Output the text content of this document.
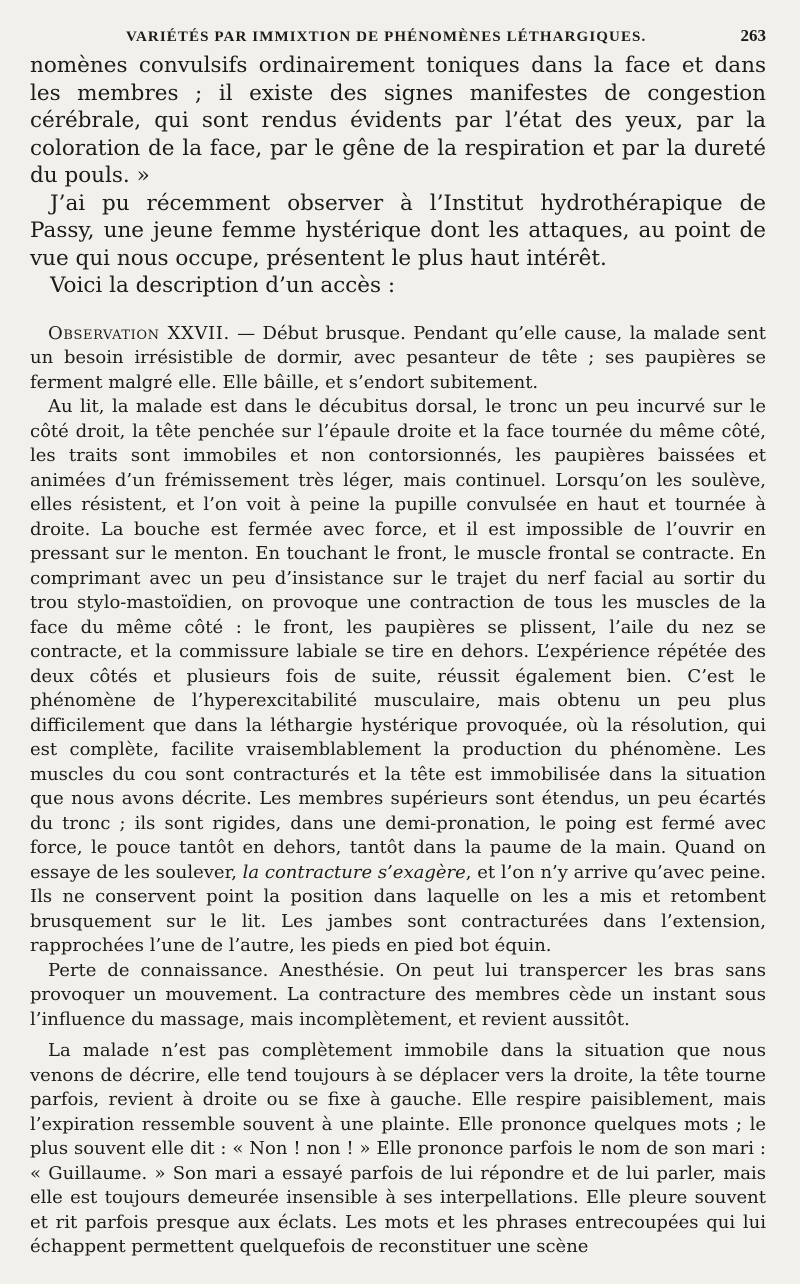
VARIÉTÉS PAR IMMIXTION DE PHÉNOMÈNES LÉTHARGIQUES.	263

nomènes convulsifs ordinairement toniques dans la face et dans les membres ; il existe des signes manifestes de congestion cérébrale, qui sont rendus évidents par l’état des yeux, par la coloration de la face, par le gêne de la respiration et par la dureté du pouls. »

J’ai pu récemment observer à l’Institut hydrothérapique de Passy, une jeune femme hystérique dont les attaques, au point de vue qui nous occupe, présentent le plus haut intérêt.

Voici la description d’un accès :

Observation XXVII. — Début brusque. Pendant qu’elle cause, la malade sent un besoin irrésistible de dormir, avec pesanteur de tête ; ses paupières se ferment malgré elle. Elle bâille, et s’endort subitement.

Au lit, la malade est dans le décubitus dorsal, le tronc un peu incurvé sur le côté droit, la tête penchée sur l’épaule droite et la face tournée du même côté, les traits sont immobiles et non contorsionnés, les paupières baissées et animées d’un frémissement très léger, mais continuel. Lorsqu’on les soulève, elles résistent, et l’on voit à peine la pupille convulsée en haut et tournée à droite. La bouche est fermée avec force, et il est impossible de l’ouvrir en pressant sur le menton. En touchant le front, le muscle frontal se contracte. En comprimant avec un peu d’insistance sur le trajet du nerf facial au sortir du trou stylo-mastoïdien, on provoque une contraction de tous les muscles de la face du même côté : le front, les paupières se plissent, l’aile du nez se contracte, et la commissure labiale se tire en dehors. L’expérience répétée des deux côtés et plusieurs fois de suite, réussit également bien. C’est le phénomène de l’hyperexcitabilité musculaire, mais obtenu un peu plus difficilement que dans la léthargie hystérique provoquée, où la résolution, qui est complète, facilite vraisemblablement la production du phénomène. Les muscles du cou sont contracturés et la tête est immobilisée dans la situation que nous avons décrite. Les membres supérieurs sont étendus, un peu écartés du tronc ; ils sont rigides, dans une demi-pronation, le poing est fermé avec force, le pouce tantôt en dehors, tantôt dans la paume de la main. Quand on essaye de les soulever, la contracture s’exagère, et l’on n’y arrive qu’avec peine. Ils ne conservent point la position dans laquelle on les a mis et retombent brusquement sur le lit. Les jambes sont contracturées dans l’extension, rapprochées l’une de l’autre, les pieds en pied bot équin.

Perte de connaissance. Anesthésie. On peut lui transpercer les bras sans provoquer un mouvement. La contracture des membres cède un instant sous l’influence du massage, mais incomplètement, et revient aussitôt.

La malade n’est pas complètement immobile dans la situation que nous venons de décrire, elle tend toujours à se déplacer vers la droite, la tête tourne parfois, revient à droite ou se fixe à gauche. Elle respire paisiblement, mais l’expiration ressemble souvent à une plainte. Elle prononce quelques mots ; le plus souvent elle dit : « Non ! non ! » Elle prononce parfois le nom de son mari : « Guillaume. » Son mari a essayé parfois de lui répondre et de lui parler, mais elle est toujours demeurée insensible à ses interpellations. Elle pleure souvent et rit parfois presque aux éclats. Les mots et les phrases entrecoupées qui lui échappent permettent quelquefois de reconstituer une scène
